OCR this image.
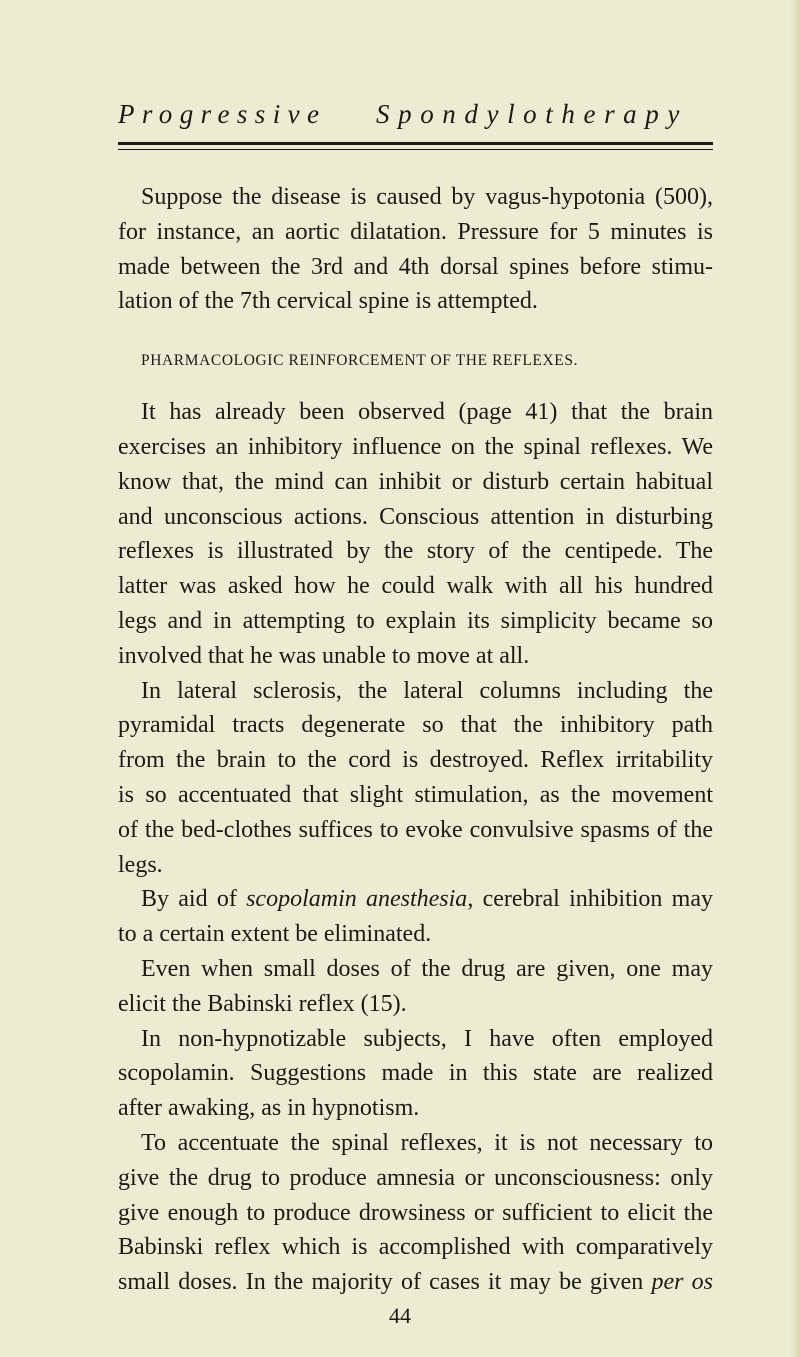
Progressive Spondylotherapy

Suppose the disease is caused by vagus-hypotonia (500),
for instance, an aortic dilatation. Pressure for 5 minutes is
made between the 3rd and 4th dorsal spines before stimu-
lation of the 7th cervical spine is attempted.

PHARMACOLOGIC REINFORCEMENT OF THE REFLEXES.

It has already been observed (page 41) that the brain
exercises an inhibitory influence on the spinal reflexes. We
know that, the mind can inhibit or disturb certain habitual
and unconscious actions. Conscious attention in disturbing
reflexes is illustrated by the story of the centipede. The
latter was asked how he could walk with all his hundred
legs and in attempting to explain its simplicity became so
involved that he was unable to move at all.

In lateral sclerosis, the lateral columns including the
pyramidal tracts degenerate so that the inhibitory path
from the brain to the cord is destroyed. Reflex irritability
is so accentuated that slight stimulation, as the movement
of the bed-clothes suffices to evoke convulsive spasms of the
legs.

By aid of scopolamin anesthesia, cerebral inhibition may
to a certain extent be eliminated.

Even when small doses of the drug are given, one may
elicit the Babinski reflex (15).

In non-hypnotizable subjects, I have often employed
scopolamin. Suggestions made in this state are realized
after awaking, as in hypnotism.

To accentuate the spinal reflexes, it is not necessary to
give the drug to produce amnesia or unconsciousness: only
give enough to produce drowsiness or sufficient to elicit the
Babinski reflex which is accomplished with comparatively
small doses. In the majority of cases it may be given per os

44
